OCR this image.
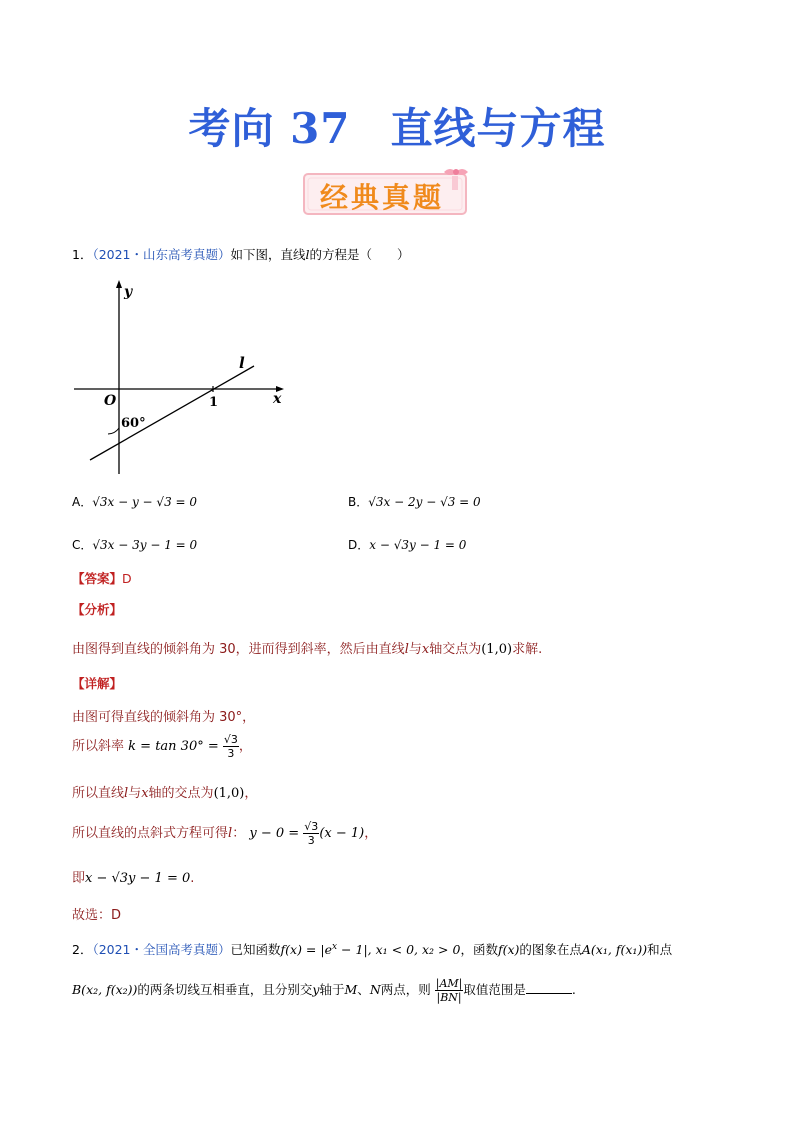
考向 37 直线与方程
经典真题
1．（2021・山东高考真题）如下图，直线l的方程是（　　）
y
x
O
l
1
60°
A．√3x − y − √3 = 0	B．√3x − 2y − √3 = 0
C．√3x − 3y − 1 = 0	D．x − √3y − 1 = 0
【答案】D
【分析】
由图得到直线的倾斜角为 30，进而得到斜率，然后由直线l与x轴交点为(1,0)求解.
【详解】
由图可得直线的倾斜角为 30°，
所以斜率 $k = \tan 30^\circ = \frac{√3}{3}$ ，
所以直线l与x轴的交点为(1,0)，
所以直线的点斜式方程可得l： $y - 0 = \frac{√3}{3} (x - 1)$，
即x − √3y − 1 = 0.
故选：D
2．（2021・全国高考真题）已知函数$f(x) = |e^x - 1|$, x₁ < 0, x₂ > 0，函数f(x)的图象在点A(x₁, f(x₁))和点
B(x₂, f(x₂))的两条切线互相垂直，且分别交y轴于M、N两点，则 $\frac{|AM|}{|BN|}$ 取值范围是	.
